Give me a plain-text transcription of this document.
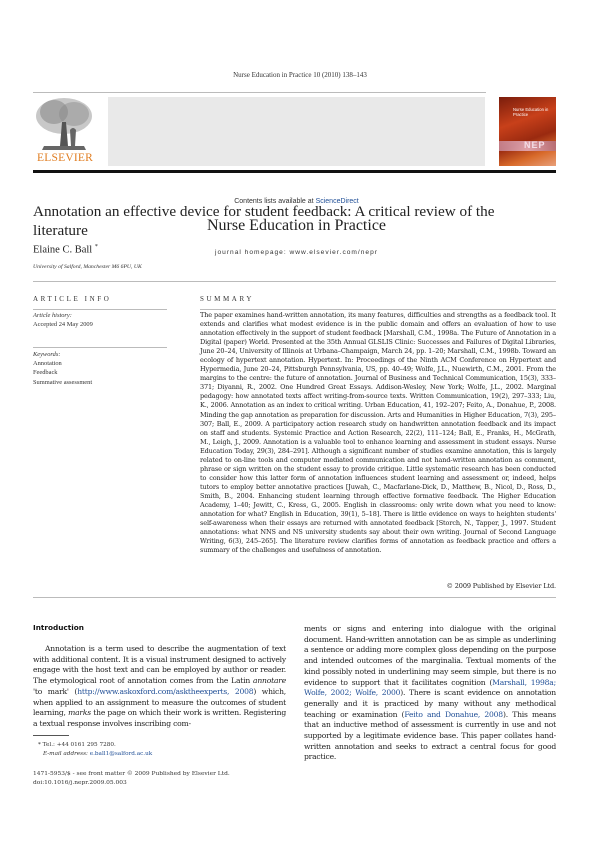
Nurse Education in Practice 10 (2010) 138–143
ELSEVIER
Contents lists available at ScienceDirect
Nurse Education in Practice
journal homepage: www.elsevier.com/nepr
Nurse Education in Practice
NEP
Annotation an effective device for student feedback: A critical review of the literature
Elaine C. Ball *
University of Salford, Manchester M6 6PU, UK
ARTICLE INFO	SUMMARY
Article history:
Accepted 24 May 2009
Keywords:
Annotation
Feedback
Summative assessment
The paper examines hand-written annotation, its many features, difficulties and strengths as a feedback tool. It extends and clarifies what modest evidence is in the public domain and offers an evaluation of how to use annotation effectively in the support of student feedback [Marshall, C.M., 1998a. The Future of Annotation in a Digital (paper) World. Presented at the 35th Annual GLSLIS Clinic: Successes and Failures of Digital Libraries, June 20–24, University of Illinois at Urbana–Champaign, March 24, pp. 1–20; Marshall, C.M., 1998b. Toward an ecology of hypertext annotation. Hypertext. In: Proceedings of the Ninth ACM Conference on Hypertext and Hypermedia, June 20–24, Pittsburgh Pennsylvania, US, pp. 40–49; Wolfe, J.L., Nuewirth, C.M., 2001. From the margins to the centre: the future of annotation. Journal of Business and Technical Communication, 15(3), 333–371; Diyanni, R., 2002. One Hundred Great Essays. Addison-Wesley, New York; Wolfe, J.L., 2002. Marginal pedagogy: how annotated texts affect writing-from-source texts. Written Communication, 19(2), 297–333; Liu, K., 2006. Annotation as an index to critical writing. Urban Education, 41, 192–207; Feito, A., Donahue, P., 2008. Minding the gap annotation as preparation for discussion. Arts and Humanities in Higher Education, 7(3), 295–307; Ball, E., 2009. A participatory action research study on handwritten annotation feedback and its impact on staff and students. Systemic Practice and Action Research, 22(2), 111–124; Ball, E., Franks, H., McGrath, M., Leigh, J., 2009. Annotation is a valuable tool to enhance learning and assessment in student essays. Nurse Education Today, 29(3), 284–291]. Although a significant number of studies examine annotation, this is largely related to on-line tools and computer mediated communication and not hand-written annotation as comment, phrase or sign written on the student essay to provide critique. Little systematic research has been conducted to consider how this latter form of annotation influences student learning and assessment or, indeed, helps tutors to employ better annotative practices [Juwah, C., Macfarlane-Dick, D., Matthew, B., Nicol, D., Ross, D., Smith, B., 2004. Enhancing student learning through effective formative feedback. The Higher Education Academy, 1–40; Jewitt, C., Kress, G., 2005. English in classrooms: only write down what you need to know: annotation for what? English in Education, 39(1), 5–18]. There is little evidence on ways to heighten students' self-awareness when their essays are returned with annotated feedback [Storch, N., Tapper, J., 1997. Student annotations: what NNS and NS university students say about their own writing. Journal of Second Language Writing, 6(3), 245–265]. The literature review clarifies forms of annotation as feedback practice and offers a summary of the challenges and usefulness of annotation.
© 2009 Published by Elsevier Ltd.
Introduction
Annotation is a term used to describe the augmentation of text with additional content. It is a visual instrument designed to actively engage with the host text and can be employed by author or reader. The etymological root of annotation comes from the Latin annotare 'to mark' (http://www.askoxford.com/asktheexperts, 2008) which, when applied to an assignment to measure the outcomes of student learning, marks the page on which their work is written. Registering a textual response involves inscribing com-
ments or signs and entering into dialogue with the original document. Hand-written annotation can be as simple as underlining a sentence or adding more complex gloss depending on the purpose and intended outcomes of the marginalia. Textual moments of the kind possibly noted in underlining may seem simple, but there is no evidence to support that it facilitates cognition (Marshall, 1998a; Wolfe, 2002; Wolfe, 2000). There is scant evidence on annotation generally and it is practiced by many without any methodical teaching or examination (Feito and Donahue, 2008). This means that an inductive method of assessment is currently in use and not supported by a legitimate evidence base. This paper collates hand-written annotation and seeks to extract a central focus for good practice.
* Tel.: +44 0161 295 7280.
E-mail address: e.ball1@salford.ac.uk
1471-5953/$ - see front matter © 2009 Published by Elsevier Ltd.
doi:10.1016/j.nepr.2009.05.003
